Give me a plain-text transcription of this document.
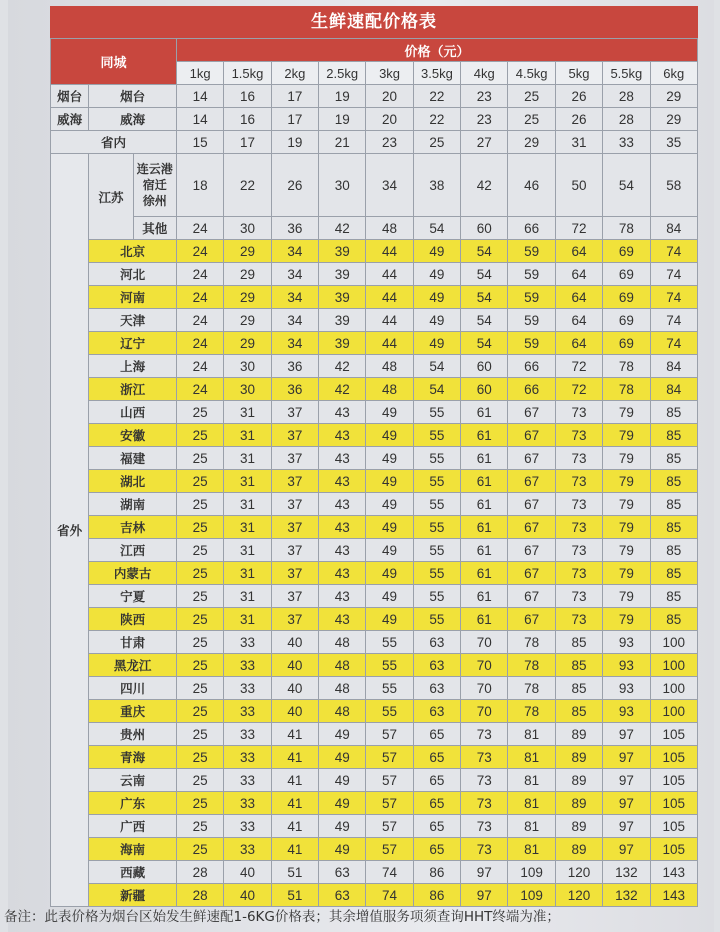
生鲜速配价格表
同城			价格（元）										
			1kg	1.5kg	2kg	2.5kg	3kg	3.5kg	4kg	4.5kg	5kg	5.5kg	6kg
烟台	烟台		14	16	17	19	20	22	23	25	26	28	29
威海	威海		14	16	17	19	20	22	23	25	26	28	29
省内			15	17	19	21	23	25	27	29	31	33	35
省外	江苏	连云港
宿迁
徐州	18	22	26	30	34	38	42	46	50	54	58
		其他	24	30	36	42	48	54	60	66	72	78	84
	北京		24	29	34	39	44	49	54	59	64	69	74
	河北		24	29	34	39	44	49	54	59	64	69	74
	河南		24	29	34	39	44	49	54	59	64	69	74
	天津		24	29	34	39	44	49	54	59	64	69	74
	辽宁		24	29	34	39	44	49	54	59	64	69	74
	上海		24	30	36	42	48	54	60	66	72	78	84
	浙江		24	30	36	42	48	54	60	66	72	78	84
	山西		25	31	37	43	49	55	61	67	73	79	85
	安徽		25	31	37	43	49	55	61	67	73	79	85
	福建		25	31	37	43	49	55	61	67	73	79	85
	湖北		25	31	37	43	49	55	61	67	73	79	85
	湖南		25	31	37	43	49	55	61	67	73	79	85
	吉林		25	31	37	43	49	55	61	67	73	79	85
	江西		25	31	37	43	49	55	61	67	73	79	85
	内蒙古		25	31	37	43	49	55	61	67	73	79	85
	宁夏		25	31	37	43	49	55	61	67	73	79	85
	陕西		25	31	37	43	49	55	61	67	73	79	85
	甘肃		25	33	40	48	55	63	70	78	85	93	100
	黑龙江		25	33	40	48	55	63	70	78	85	93	100
	四川		25	33	40	48	55	63	70	78	85	93	100
	重庆		25	33	40	48	55	63	70	78	85	93	100
	贵州		25	33	41	49	57	65	73	81	89	97	105
	青海		25	33	41	49	57	65	73	81	89	97	105
	云南		25	33	41	49	57	65	73	81	89	97	105
	广东		25	33	41	49	57	65	73	81	89	97	105
	广西		25	33	41	49	57	65	73	81	89	97	105
	海南		25	33	41	49	57	65	73	81	89	97	105
	西藏		28	40	51	63	74	86	97	109	120	132	143
	新疆		28	40	51	63	74	86	97	109	120	132	143
备注：此表价格为烟台区始发生鲜速配1-6KG价格表；其余增值服务项须查询HHT终端为准；
